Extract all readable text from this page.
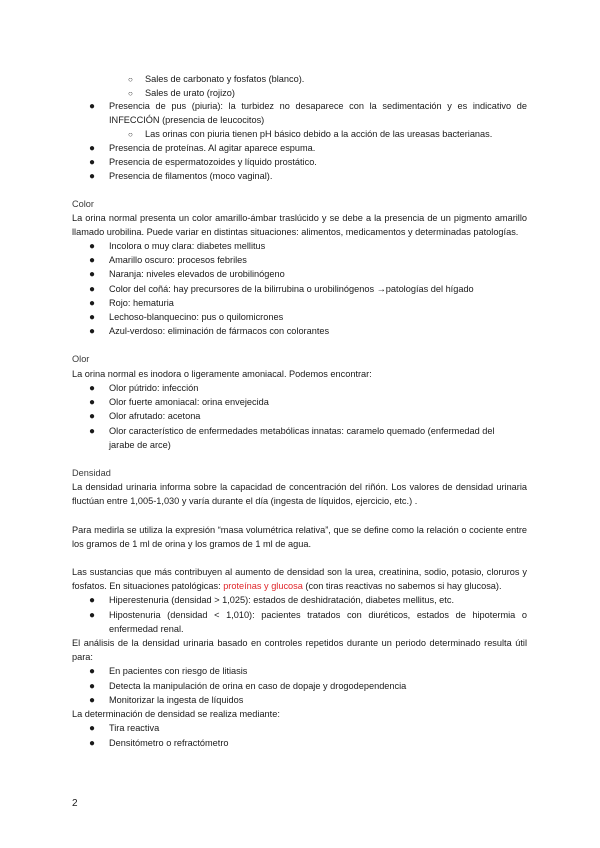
○ Sales de carbonato y fosfatos (blanco).
○ Sales de urato (rojizo)
● Presencia de pus (piuria): la turbidez no desaparece con la sedimentación y es indicativo de
INFECCIÓN (presencia de leucocitos)
○ Las orinas con piuria tienen pH básico debido a la acción de las ureasas bacterianas.
● Presencia de proteínas. Al agitar aparece espuma.
● Presencia de espermatozoides y líquido prostático.
● Presencia de filamentos (moco vaginal).
Color
La orina normal presenta un color amarillo-ámbar traslúcido y se debe a la presencia de un pigmento amarillo
llamado urobilina. Puede variar en distintas situaciones: alimentos, medicamentos y determinadas patologías.
● Incolora o muy clara: diabetes mellitus
● Amarillo oscuro: procesos febriles
● Naranja: niveles elevados de urobilinógeno
● Color del coñá: hay precursores de la bilirrubina o urobilinógenos →patologías del hígado
● Rojo: hematuria
● Lechoso-blanquecino: pus o quilomicrones
● Azul-verdoso: eliminación de fármacos con colorantes
Olor
La orina normal es inodora o ligeramente amoniacal. Podemos encontrar:
● Olor pútrido: infección
● Olor fuerte amoniacal: orina envejecida
● Olor afrutado: acetona
● Olor característico de enfermedades metabólicas innatas: caramelo quemado (enfermedad del
jarabe de arce)
Densidad
La densidad urinaria informa sobre la capacidad de concentración del riñón. Los valores de densidad urinaria
fluctúan entre 1,005-1,030 y varía durante el día (ingesta de líquidos, ejercicio, etc.) .
Para medirla se utiliza la expresión “masa volumétrica relativa”, que se define como la relación o cociente entre
los gramos de 1 ml de orina y los gramos de 1 ml de agua.
Las sustancias que más contribuyen al aumento de densidad son la urea, creatinina, sodio, potasio, cloruros y
fosfatos. En situaciones patológicas: proteínas y glucosa (con tiras reactivas no sabemos si hay glucosa).
● Hiperestenuria (densidad > 1,025): estados de deshidratación, diabetes mellitus, etc.
● Hipostenuria (densidad < 1,010): pacientes tratados con diuréticos, estados de hipotermia o
enfermedad renal.
El análisis de la densidad urinaria basado en controles repetidos durante un periodo determinado resulta útil
para:
● En pacientes con riesgo de litiasis
● Detecta la manipulación de orina en caso de dopaje y drogodependencia
● Monitorizar la ingesta de líquidos
La determinación de densidad se realiza mediante:
● Tira reactiva
● Densitómetro o refractómetro
2
